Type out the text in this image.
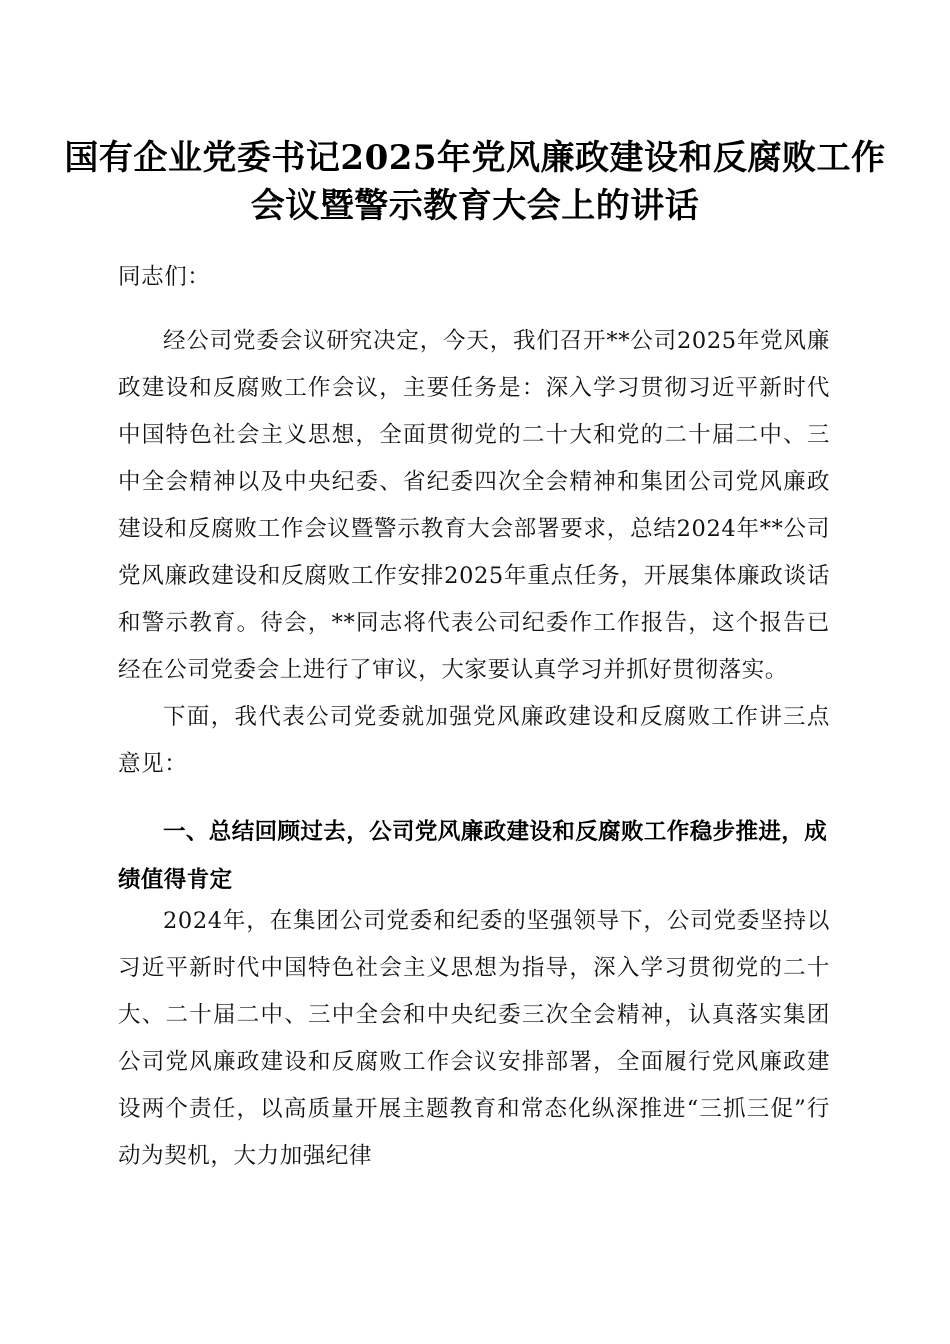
国有企业党委书记2025年党风廉政建设和反腐败工作会议暨警示教育大会上的讲话

同志们：

经公司党委会议研究决定，今天，我们召开**公司2025年党风廉政建设和反腐败工作会议，主要任务是：深入学习贯彻习近平新时代中国特色社会主义思想，全面贯彻党的二十大和党的二十届二中、三中全会精神以及中央纪委、省纪委四次全会精神和集团公司党风廉政建设和反腐败工作会议暨警示教育大会部署要求，总结2024年**公司党风廉政建设和反腐败工作安排2025年重点任务，开展集体廉政谈话和警示教育。待会，**同志将代表公司纪委作工作报告，这个报告已经在公司党委会上进行了审议，大家要认真学习并抓好贯彻落实。

下面，我代表公司党委就加强党风廉政建设和反腐败工作讲三点意见：

一、总结回顾过去，公司党风廉政建设和反腐败工作稳步推进，成绩值得肯定

2024年，在集团公司党委和纪委的坚强领导下，公司党委坚持以习近平新时代中国特色社会主义思想为指导，深入学习贯彻党的二十大、二十届二中、三中全会和中央纪委三次全会精神，认真落实集团公司党风廉政建设和反腐败工作会议安排部署，全面履行党风廉政建设两个责任，以高质量开展主题教育和常态化纵深推进“三抓三促”行动为契机，大力加强纪律
